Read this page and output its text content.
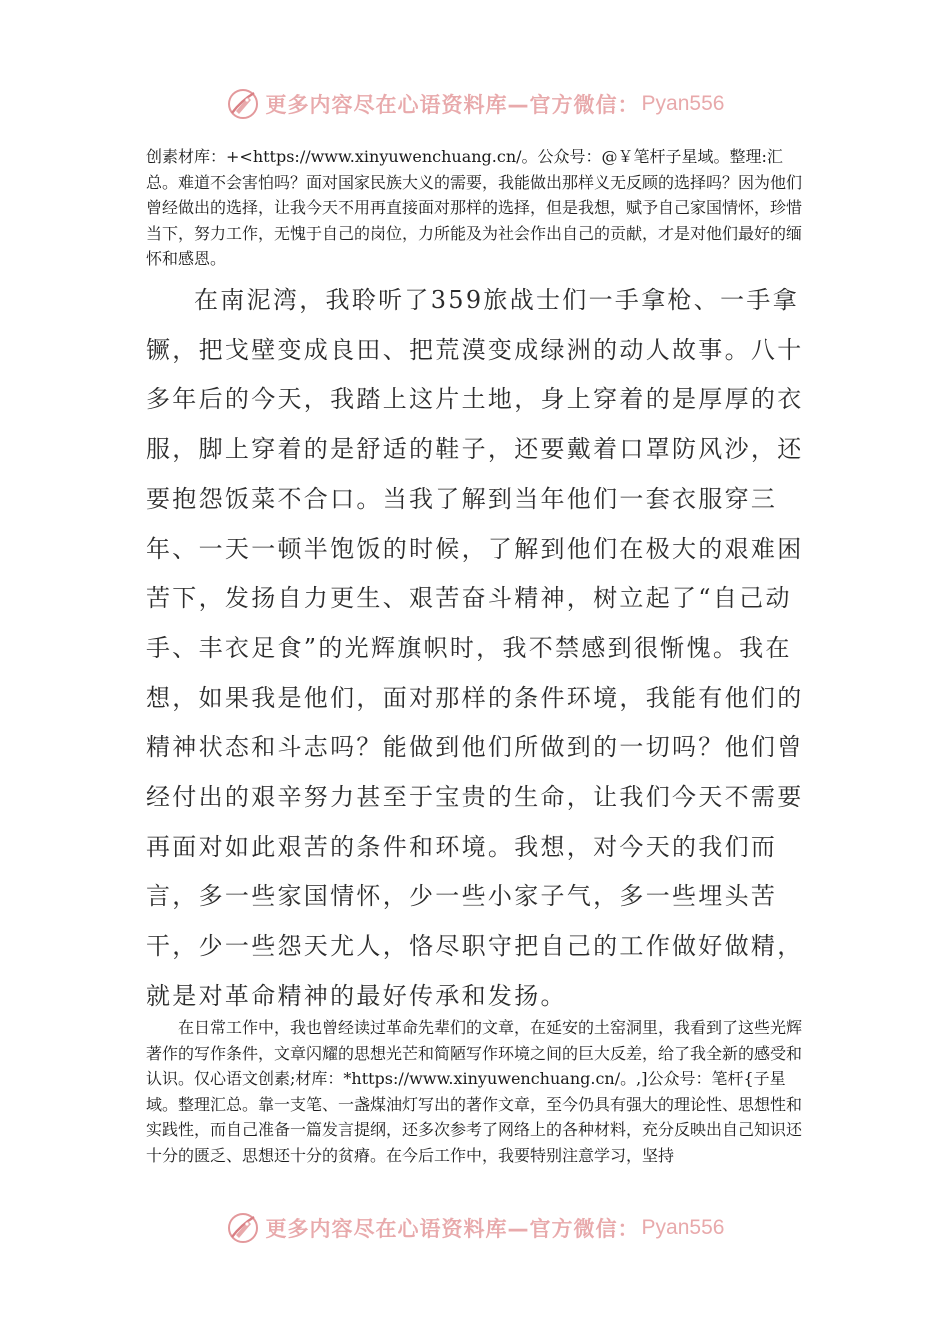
更多内容尽在心语资料库—官方微信： Pyan556

创素材库：+<https://www.xinyuwenchuang.cn/。公众号：@￥笔杆子星域。整理:汇总。难道不会害怕吗？面对国家民族大义的需要，我能做出那样义无反顾的选择吗？因为他们曾经做出的选择，让我今天不用再直接面对那样的选择，但是我想，赋予自己家国情怀，珍惜当下，努力工作，无愧于自己的岗位，力所能及为社会作出自己的贡献，才是对他们最好的缅怀和感恩。

在南泥湾，我聆听了359旅战士们一手拿枪、一手拿镢，把戈壁变成良田、把荒漠变成绿洲的动人故事。八十多年后的今天，我踏上这片土地，身上穿着的是厚厚的衣服，脚上穿着的是舒适的鞋子，还要戴着口罩防风沙，还要抱怨饭菜不合口。当我了解到当年他们一套衣服穿三年、一天一顿半饱饭的时候，了解到他们在极大的艰难困苦下，发扬自力更生、艰苦奋斗精神，树立起了“自己动手、丰衣足食”的光辉旗帜时，我不禁感到很惭愧。我在想，如果我是他们，面对那样的条件环境，我能有他们的精神状态和斗志吗？能做到他们所做到的一切吗？他们曾经付出的艰辛努力甚至于宝贵的生命，让我们今天不需要再面对如此艰苦的条件和环境。我想，对今天的我们而言，多一些家国情怀，少一些小家子气，多一些埋头苦干，少一些怨天尤人，恪尽职守把自己的工作做好做精，就是对革命精神的最好传承和发扬。

在日常工作中，我也曾经读过革命先辈们的文章，在延安的土窑洞里，我看到了这些光辉著作的写作条件，文章闪耀的思想光芒和简陋写作环境之间的巨大反差，给了我全新的感受和认识。仅心语文创素;材库：*https://www.xinyuwenchuang.cn/。,]公众号：笔杆{子星域。整理汇总。靠一支笔、一盏煤油灯写出的著作文章，至今仍具有强大的理论性、思想性和实践性，而自己准备一篇发言提纲，还多次参考了网络上的各种材料，充分反映出自己知识还十分的匮乏、思想还十分的贫瘠。在今后工作中，我要特别注意学习，坚持

更多内容尽在心语资料库—官方微信： Pyan556
